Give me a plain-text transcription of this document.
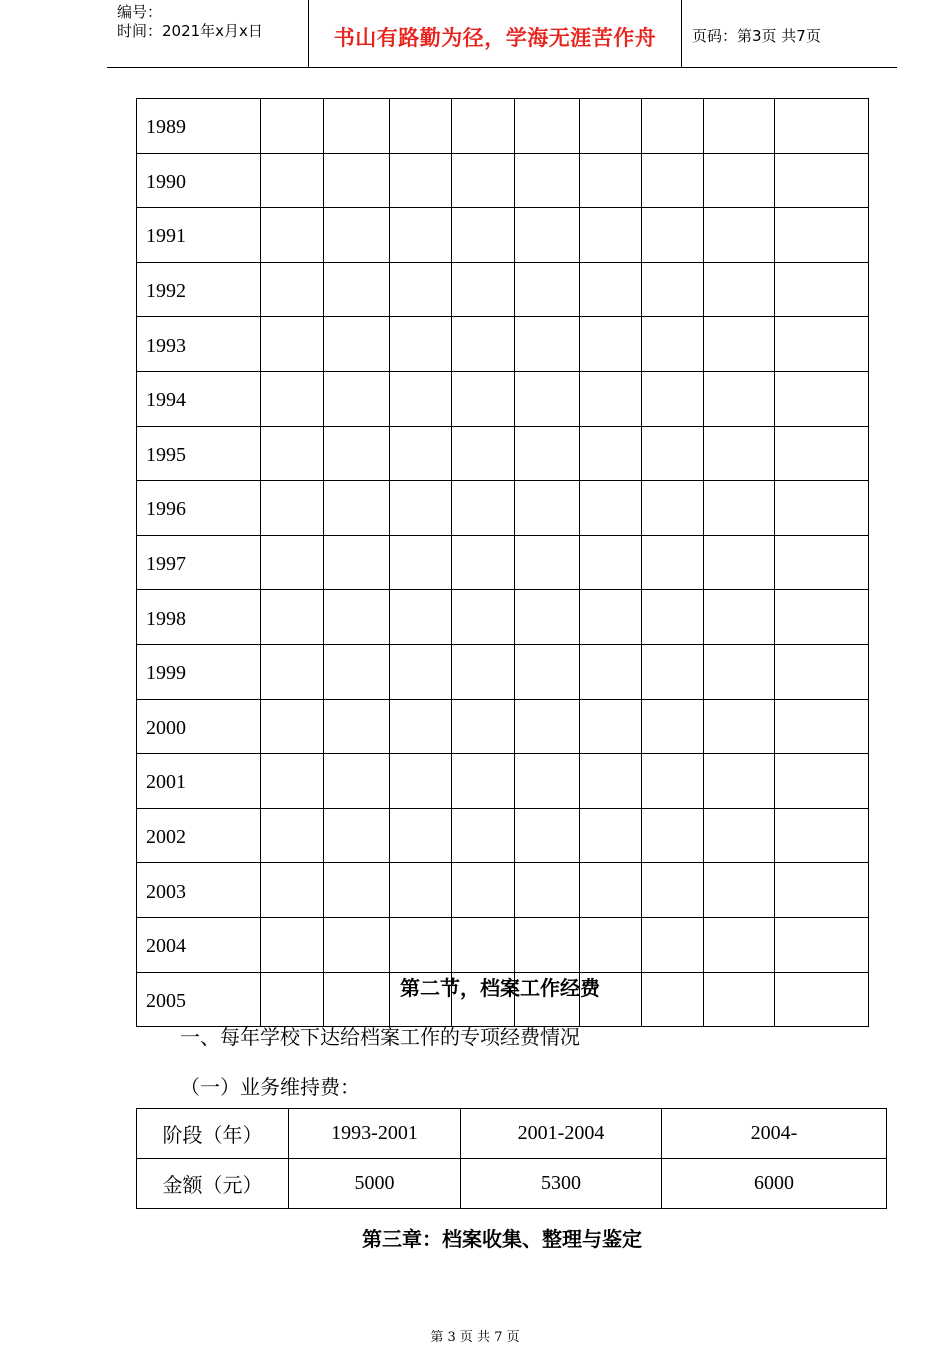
编号：
时间：2021年x月x日	书山有路勤为径，学海无涯苦作舟	页码：第3页 共7页
1989									
1990									
1991									
1992									
1993									
1994									
1995									
1996									
1997									
1998									
1999									
2000									
2001									
2002									
2003									
2004									
2005									
第二节，档案工作经费
一、每年学校下达给档案工作的专项经费情况
（一）业务维持费：
阶段（年）	1993-2001	2001-2004	2004-
金额（元）	5000	5300	6000
第三章：档案收集、整理与鉴定
第 3 页 共 7 页
